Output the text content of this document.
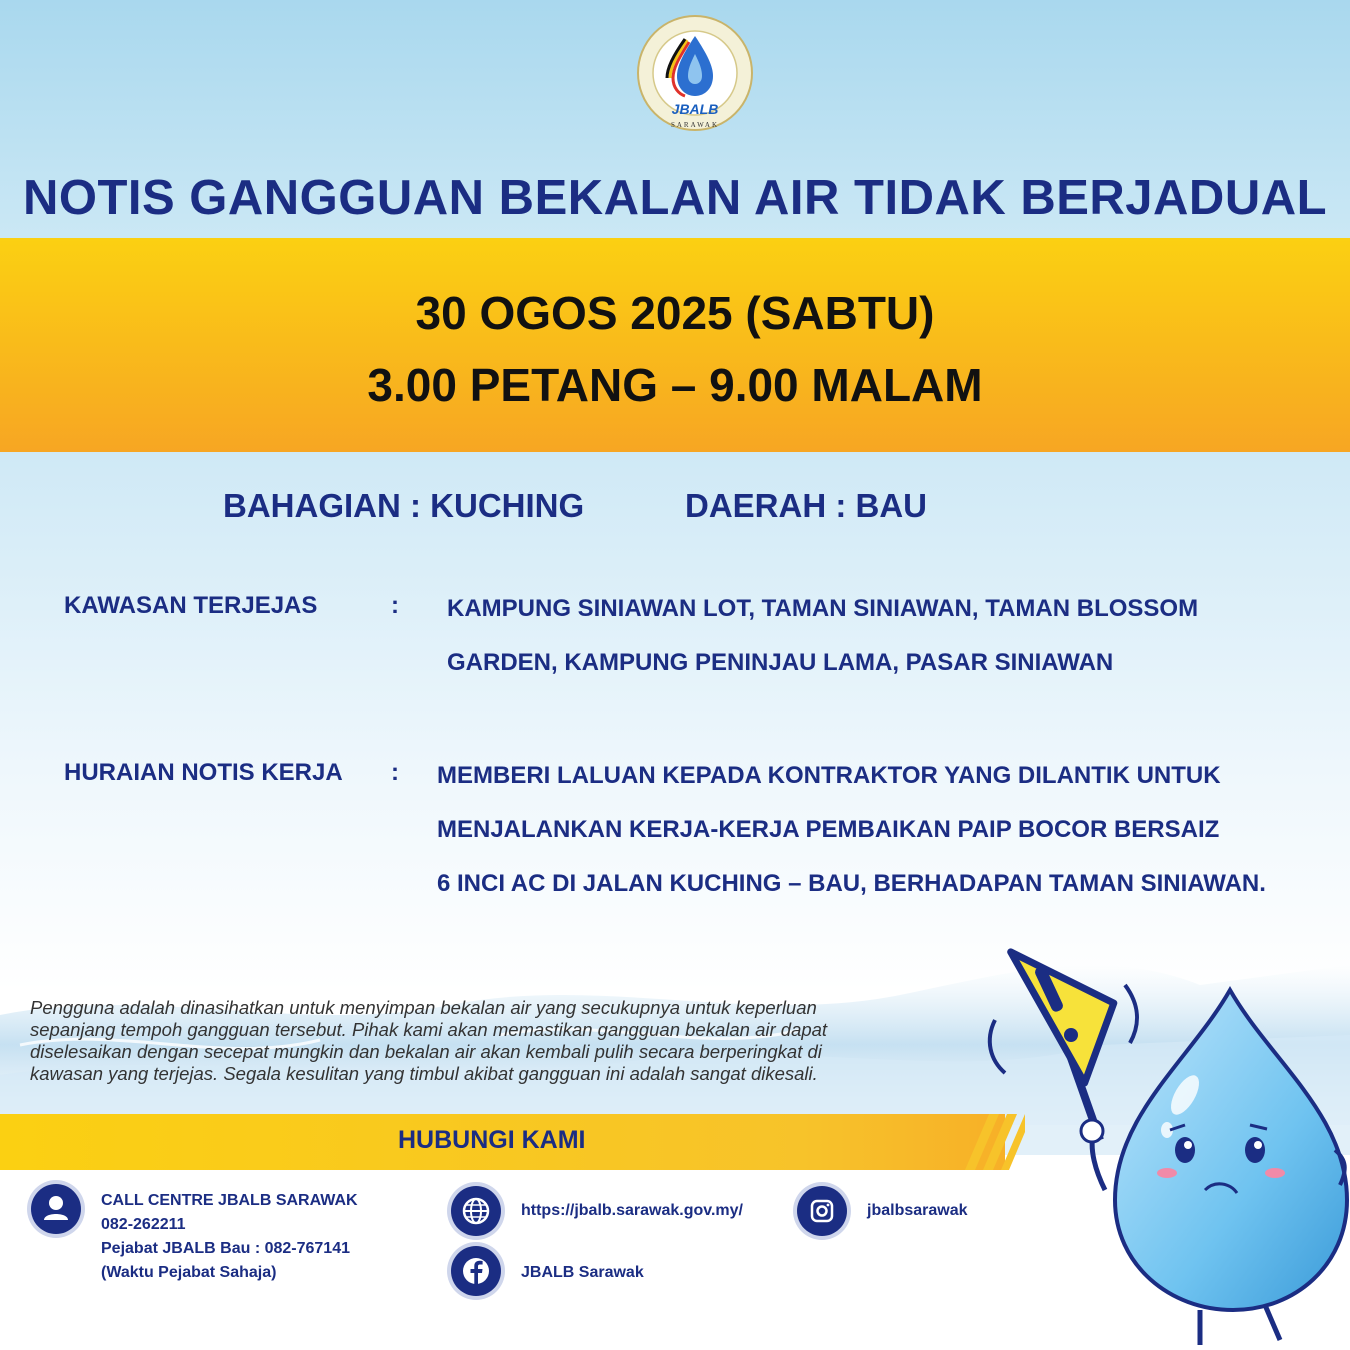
JBALB
SARAWAK
NOTIS GANGGUAN BEKALAN AIR TIDAK BERJADUAL
30 OGOS 2025 (SABTU)
3.00 PETANG – 9.00 MALAM
BAHAGIAN : KUCHING	DAERAH : BAU
KAWASAN TERJEJAS	: KAMPUNG SINIAWAN LOT, TAMAN SINIAWAN, TAMAN BLOSSOM
GARDEN, KAMPUNG PENINJAU LAMA, PASAR SINIAWAN
HURAIAN NOTIS KERJA : MEMBERI LALUAN KEPADA KONTRAKTOR YANG DILANTIK UNTUK
MENJALANKAN KERJA-KERJA PEMBAIKAN PAIP BOCOR BERSAIZ
6 INCI AC DI JALAN KUCHING – BAU, BERHADAPAN TAMAN SINIAWAN.
Pengguna adalah dinasihatkan untuk menyimpan bekalan air yang secukupnya untuk keperluan
sepanjang tempoh gangguan tersebut. Pihak kami akan memastikan gangguan bekalan air dapat
diselesaikan dengan secepat mungkin dan bekalan air akan kembali pulih secara berperingkat di
kawasan yang terjejas. Segala kesulitan yang timbul akibat gangguan ini adalah sangat dikesali.
HUBUNGI KAMI
CALL CENTRE JBALB SARAWAK
082-262211
Pejabat JBALB Bau : 082-767141
(Waktu Pejabat Sahaja)
https://jbalb.sarawak.gov.my/
JBALB Sarawak
jbalbsarawak
